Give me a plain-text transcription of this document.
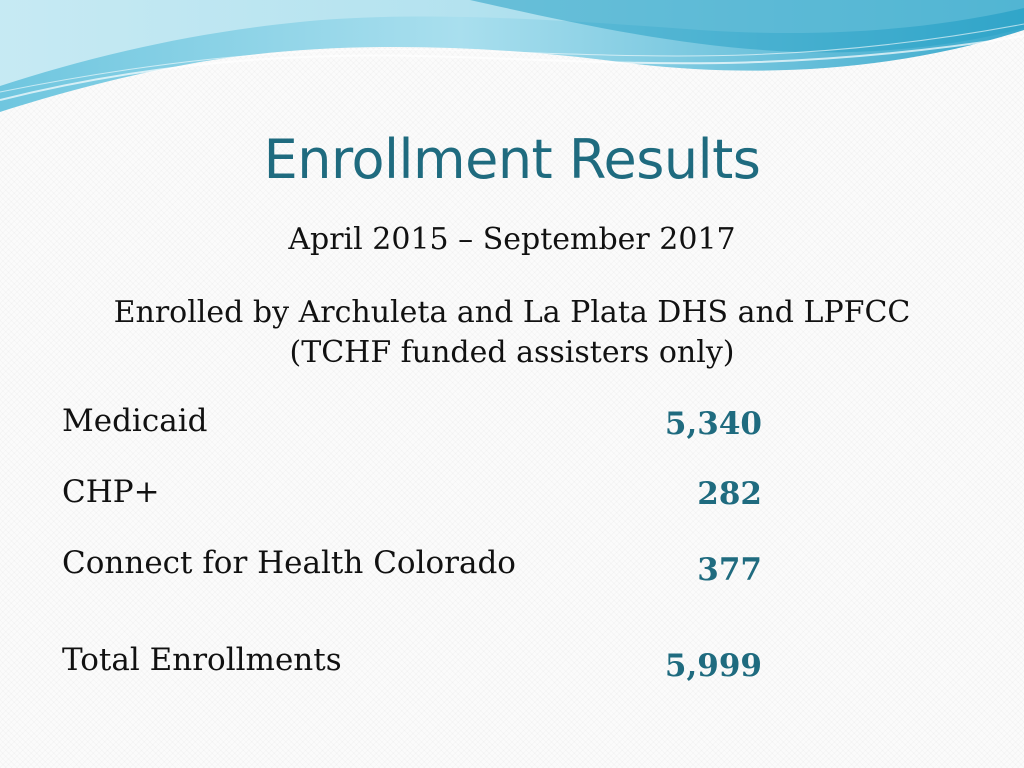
Enrollment Results
April 2015 – September 2017
Enrolled by Archuleta and La Plata DHS and LPFCC
(TCHF funded assisters only)
Medicaid	5,340
CHP+	282
Connect for Health Colorado	377
Total Enrollments	5,999
